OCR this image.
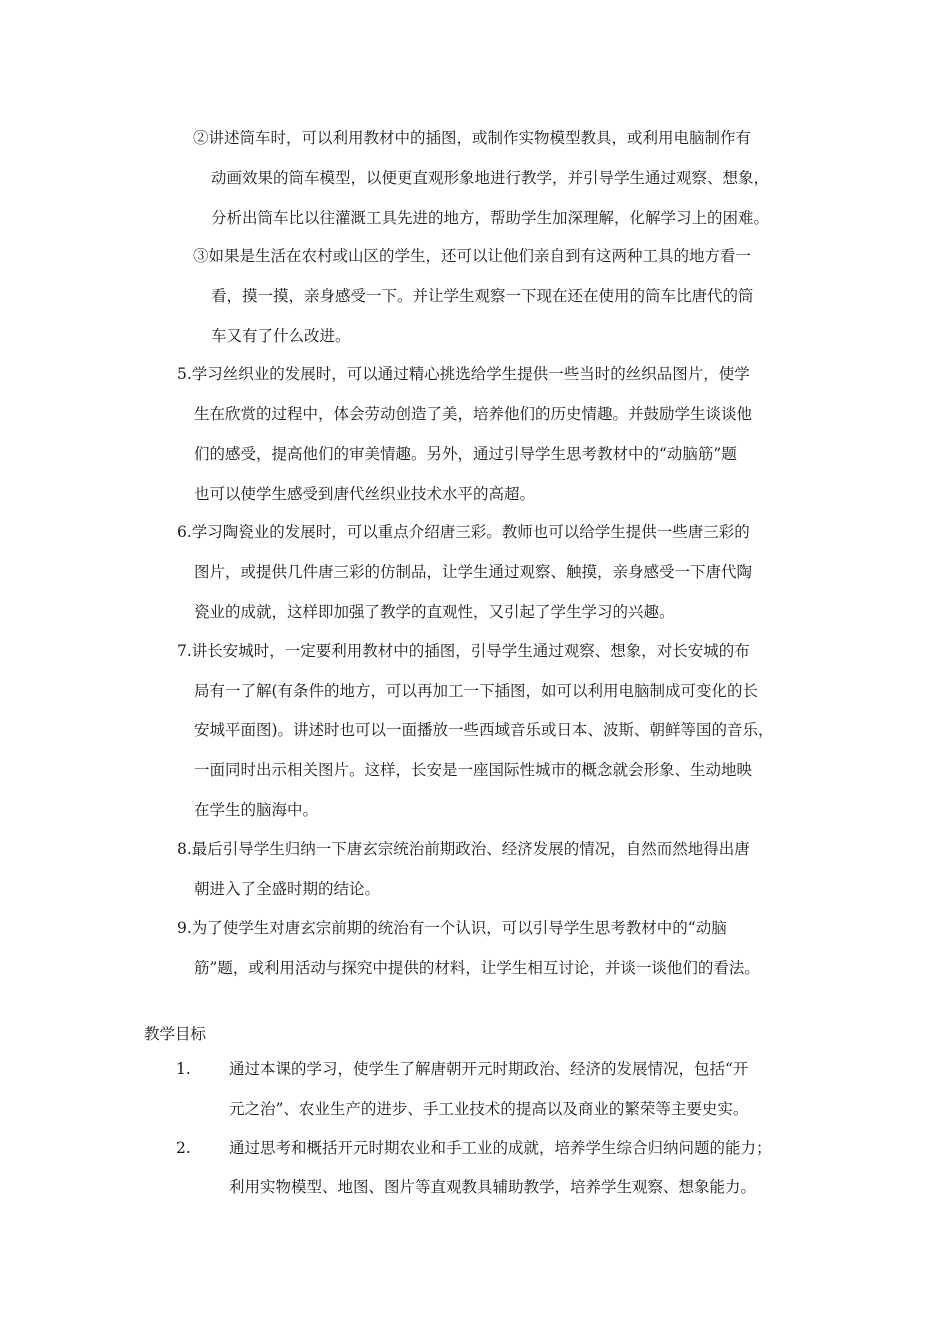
②讲述筒车时，可以利用教材中的插图，或制作实物模型教具，或利用电脑制作有
动画效果的筒车模型，以便更直观形象地进行教学，并引导学生通过观察、想象，
分析出筒车比以往灌溉工具先进的地方，帮助学生加深理解，化解学习上的困难。
③如果是生活在农村或山区的学生，还可以让他们亲自到有这两种工具的地方看一
看，摸一摸，亲身感受一下。并让学生观察一下现在还在使用的筒车比唐代的筒
车又有了什么改进。
5.学习丝织业的发展时，可以通过精心挑选给学生提供一些当时的丝织品图片，使学
生在欣赏的过程中，体会劳动创造了美，培养他们的历史情趣。并鼓励学生谈谈他
们的感受，提高他们的审美情趣。另外，通过引导学生思考教材中的“动脑筋”题
也可以使学生感受到唐代丝织业技术水平的高超。
6.学习陶瓷业的发展时，可以重点介绍唐三彩。教师也可以给学生提供一些唐三彩的
图片，或提供几件唐三彩的仿制品，让学生通过观察、触摸，亲身感受一下唐代陶
瓷业的成就，这样即加强了教学的直观性，又引起了学生学习的兴趣。
7.讲长安城时，一定要利用教材中的插图，引导学生通过观察、想象，对长安城的布
局有一了解(有条件的地方，可以再加工一下插图，如可以利用电脑制成可变化的长
安城平面图)。讲述时也可以一面播放一些西域音乐或日本、波斯、朝鲜等国的音乐，
一面同时出示相关图片。这样，长安是一座国际性城市的概念就会形象、生动地映
在学生的脑海中。
8.最后引导学生归纳一下唐玄宗统治前期政治、经济发展的情况，自然而然地得出唐
朝进入了全盛时期的结论。
9.为了使学生对唐玄宗前期的统治有一个认识，可以引导学生思考教材中的“动脑
筋”题，或利用活动与探究中提供的材料，让学生相互讨论，并谈一谈他们的看法。
教学目标
1. 通过本课的学习，使学生了解唐朝开元时期政治、经济的发展情况，包括“开
元之治”、农业生产的进步、手工业技术的提高以及商业的繁荣等主要史实。
2. 通过思考和概括开元时期农业和手工业的成就，培养学生综合归纳问题的能力；
利用实物模型、地图、图片等直观教具辅助教学，培养学生观察、想象能力。
